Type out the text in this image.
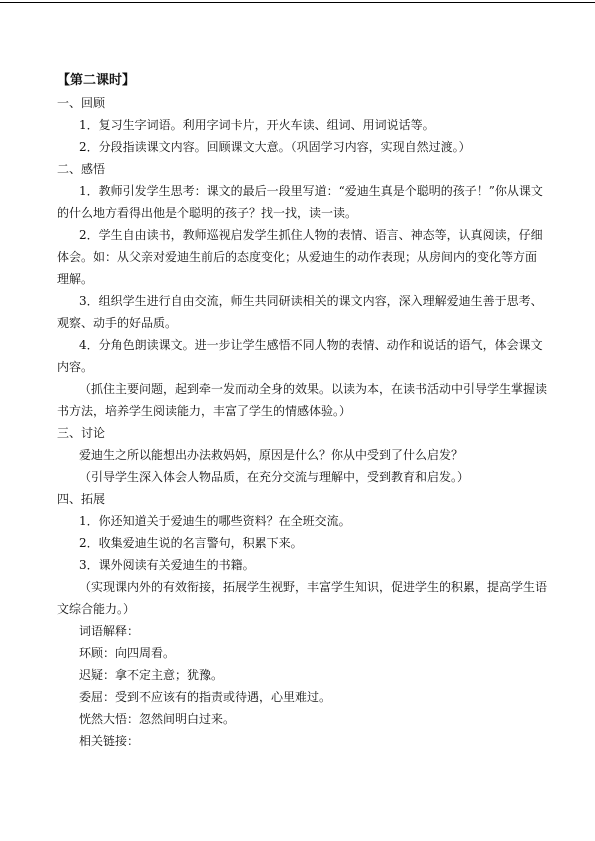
【第二课时】

一、回顾

1．复习生字词语。利用字词卡片，开火车读、组词、用词说话等。

2．分段指读课文内容。回顾课文大意。（巩固学习内容，实现自然过渡。）

二、感悟

1．教师引发学生思考：课文的最后一段里写道：“爱迪生真是个聪明的孩子！”你从课文的什么地方看得出他是个聪明的孩子？找一找，读一读。

2．学生自由读书，教师巡视启发学生抓住人物的表情、语言、神态等，认真阅读，仔细体会。如：从父亲对爱迪生前后的态度变化；从爱迪生的动作表现；从房间内的变化等方面理解。

3．组织学生进行自由交流，师生共同研读相关的课文内容，深入理解爱迪生善于思考、观察、动手的好品质。

4．分角色朗读课文。进一步让学生感悟不同人物的表情、动作和说话的语气，体会课文内容。

（抓住主要问题，起到牵一发而动全身的效果。以读为本，在读书活动中引导学生掌握读书方法，培养学生阅读能力，丰富了学生的情感体验。）

三、讨论

爱迪生之所以能想出办法救妈妈，原因是什么？你从中受到了什么启发？

（引导学生深入体会人物品质，在充分交流与理解中，受到教育和启发。）

四、拓展

1．你还知道关于爱迪生的哪些资料？在全班交流。

2．收集爱迪生说的名言警句，积累下来。

3．课外阅读有关爱迪生的书籍。

（实现课内外的有效衔接，拓展学生视野，丰富学生知识，促进学生的积累，提高学生语文综合能力。）

词语解释：

环顾：向四周看。

迟疑：拿不定主意；犹豫。

委屈：受到不应该有的指责或待遇，心里难过。

恍然大悟：忽然间明白过来。

相关链接：
